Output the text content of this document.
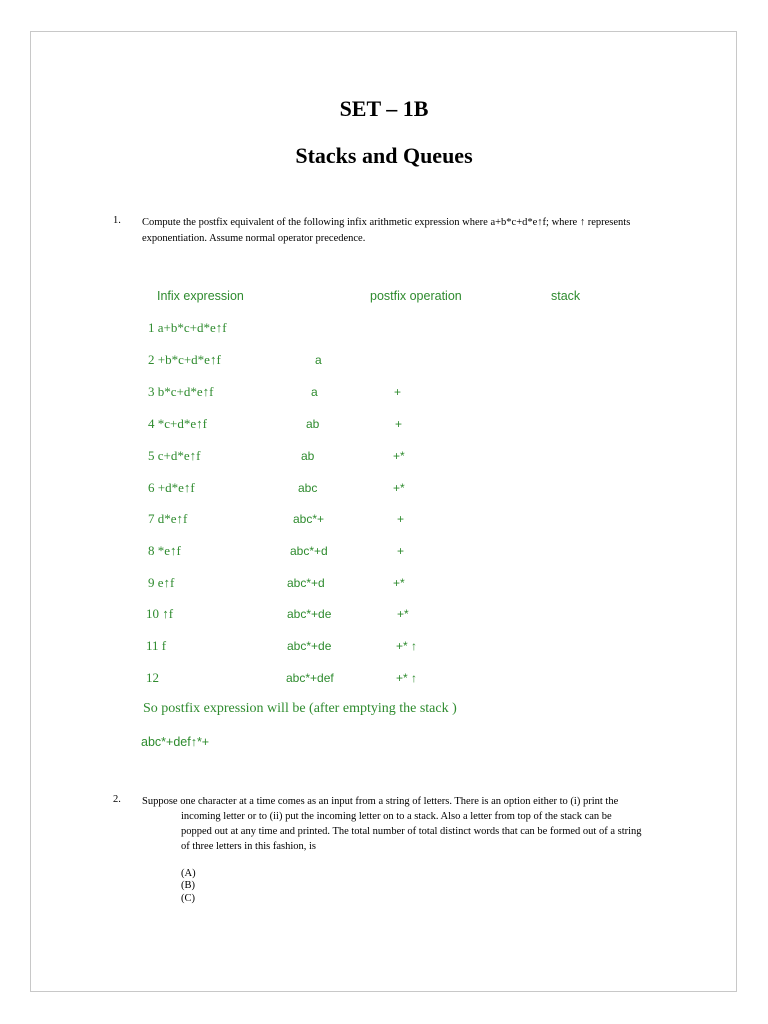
SET – 1B
Stacks and Queues
1. Compute the postfix equivalent of the following infix arithmetic expression where a+b*c+d*e↑f; where ↑ represents
exponentiation. Assume normal operator precedence.
Infix expression	postfix operation	stack
1 a+b*c+d*e↑f
2 +b*c+d*e↑f	a
3 b*c+d*e↑f	a	+
4 *c+d*e↑f	ab	+
5 c+d*e↑f	ab	+*
6 +d*e↑f	abc	+*
7 d*e↑f	abc*+	+
8 *e↑f	abc*+d	+
9 e↑f	abc*+d	+*
10 ↑f	abc*+de	+*
11 f	abc*+de	+* ↑
12	abc*+def	+* ↑
So postfix expression will be (after emptying the stack )
abc*+def↑*+
2. Suppose one character at a time comes as an input from a string of letters. There is an option either to (i) print the
incoming letter or to (ii) put the incoming letter on to a stack. Also a letter from top of the stack can be
popped out at any time and printed. The total number of total distinct words that can be formed out of a string
of three letters in this fashion, is
(A)
(B)
(C)
